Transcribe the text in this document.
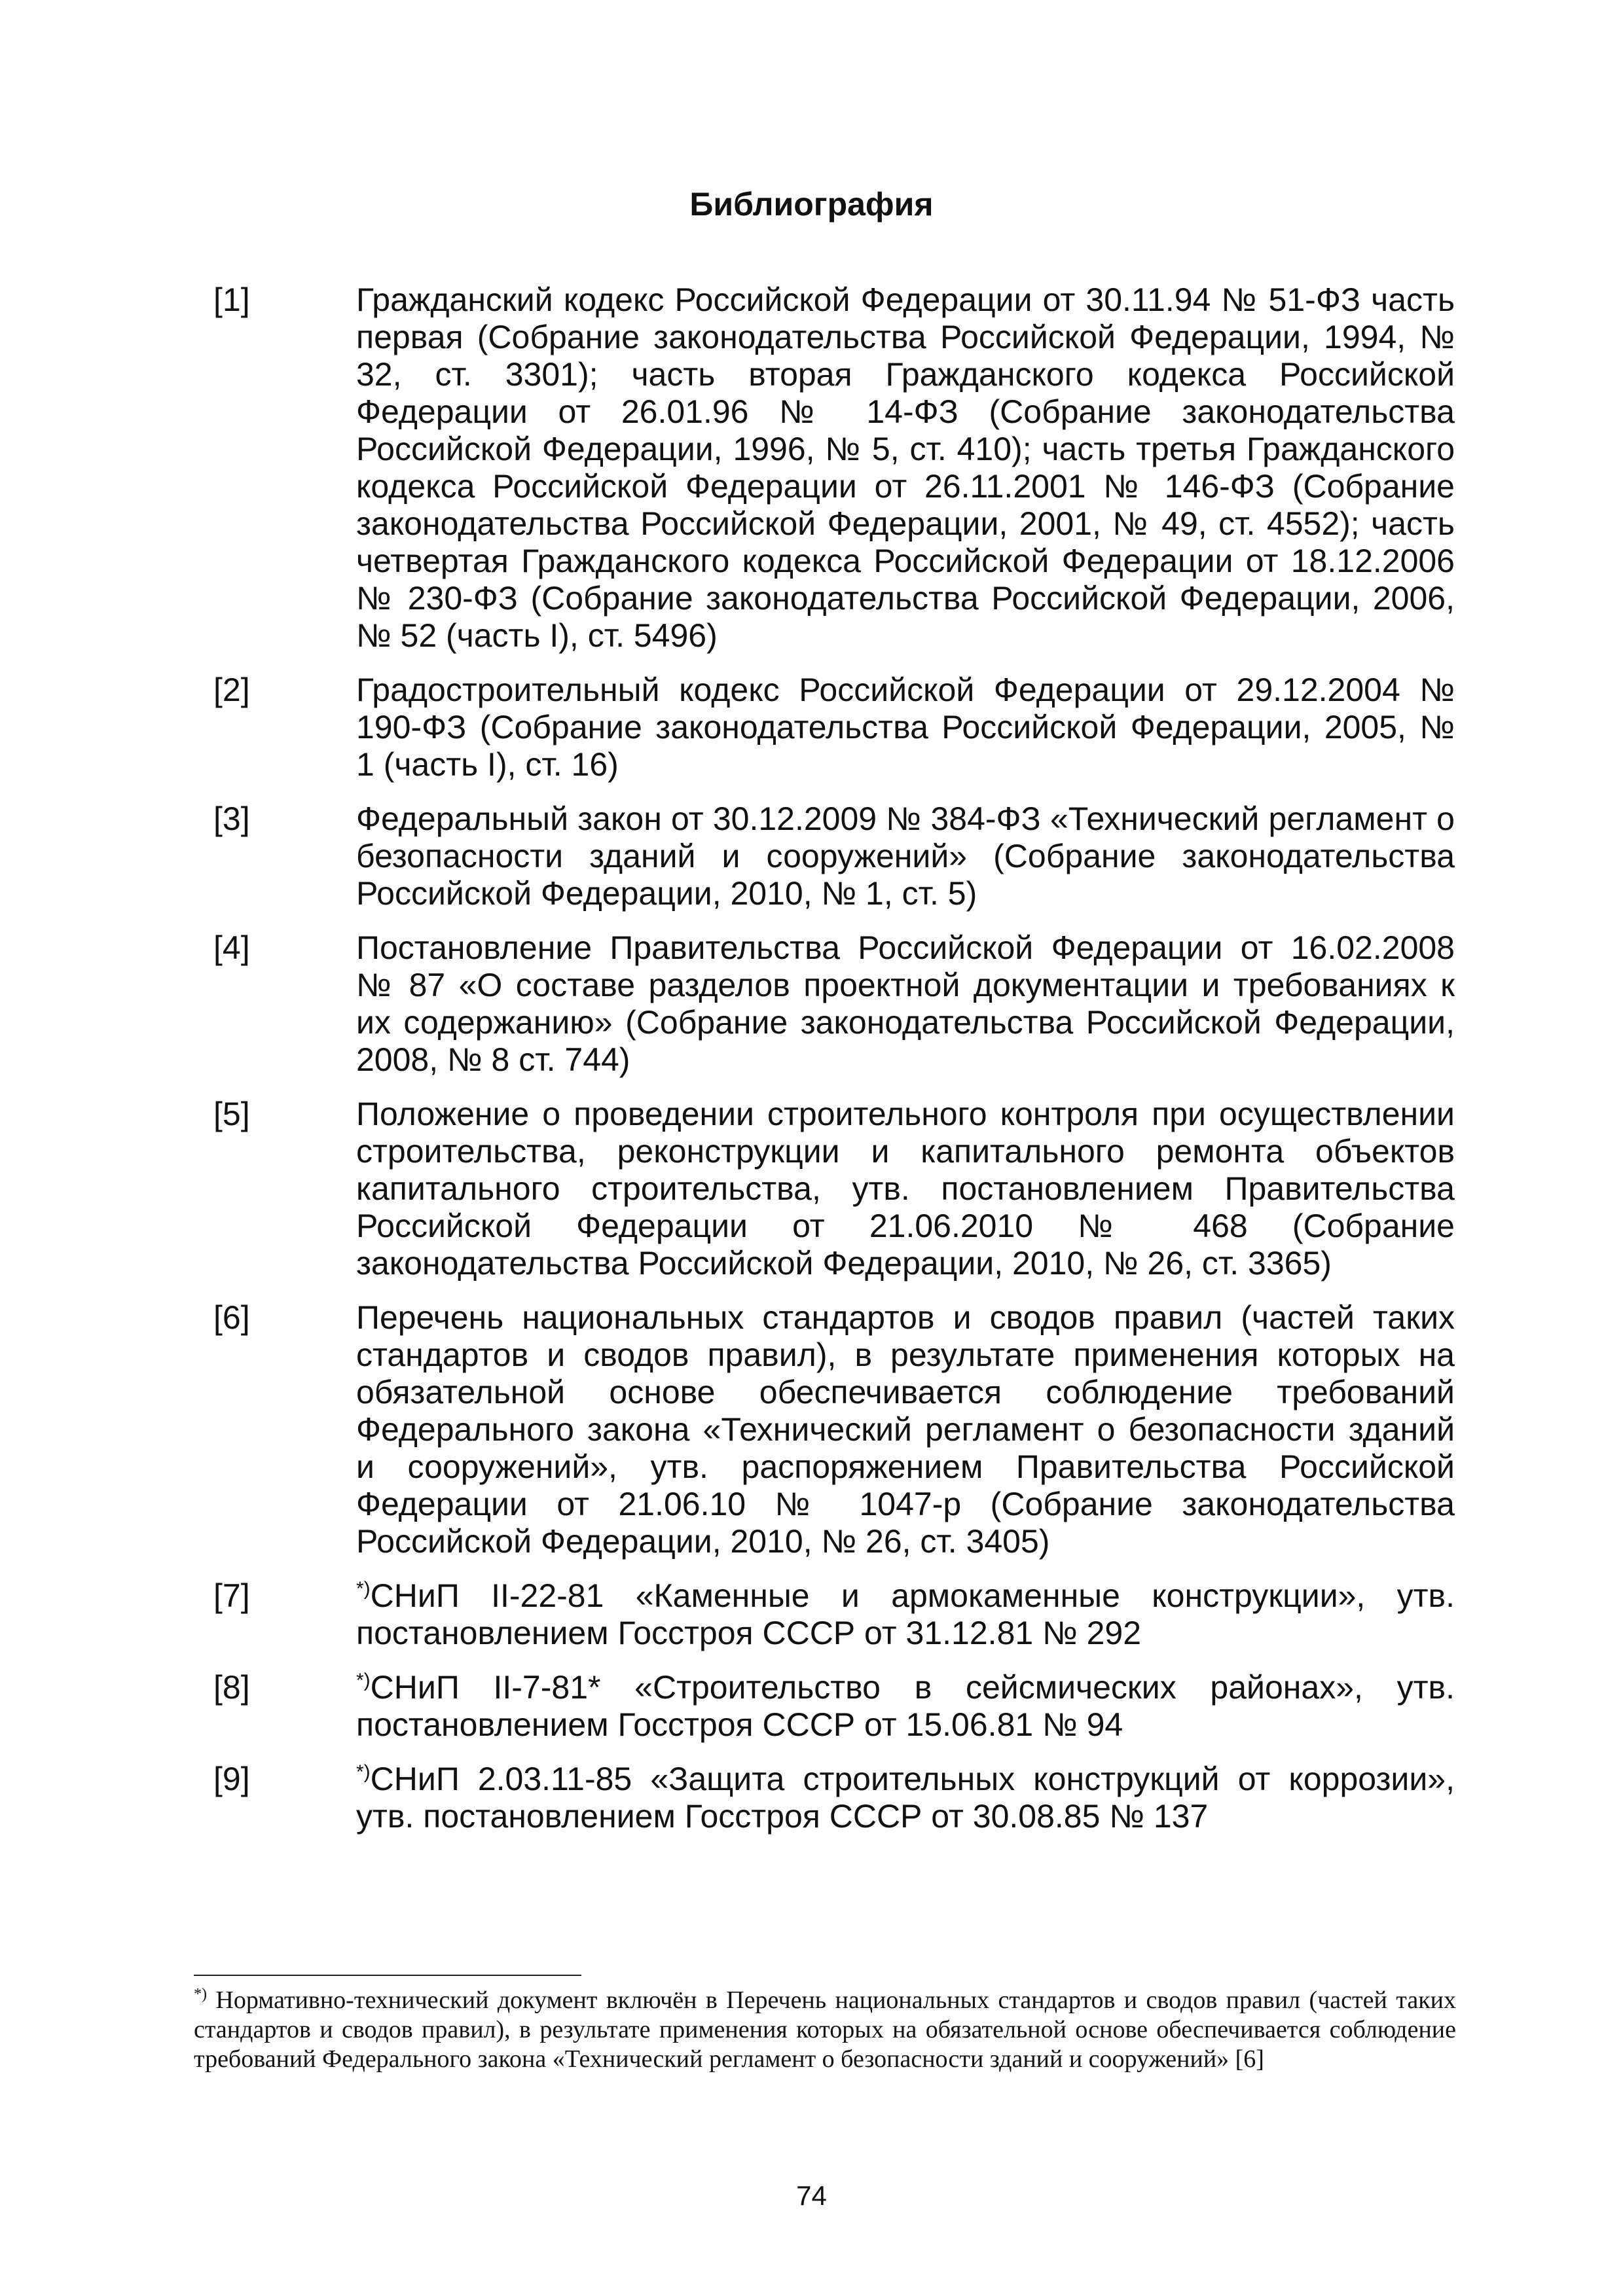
Библиография
[1]	Гражданский кодекс Российской Федерации от 30.11.94 № 51-ФЗ часть первая (Собрание законодательства Российской Федерации, 1994, № 32, ст. 3301); часть вторая Гражданского кодекса Российской Федерации от 26.01.96 № 14-ФЗ (Собрание законодательства Российской Федерации, 1996, № 5, ст. 410); часть третья Гражданского кодекса Российской Федерации от 26.11.2001 № 146-ФЗ (Собрание законодательства Российской Федерации, 2001, № 49, ст. 4552); часть четвертая Гражданского кодекса Российской Федерации от 18.12.2006 № 230-ФЗ (Собрание законодательства Российской Федерации, 2006, № 52 (часть I), ст. 5496)
[2]	Градостроительный кодекс Российской Федерации от 29.12.2004 № 190-ФЗ (Собрание законодательства Российской Федерации, 2005, № 1 (часть I), ст. 16)
[3]	Федеральный закон от 30.12.2009 № 384-ФЗ «Технический регламент о безопасности зданий и сооружений» (Собрание законодательства Российской Федерации, 2010, № 1, ст. 5)
[4]	Постановление Правительства Российской Федерации от 16.02.2008 № 87 «О составе разделов проектной документации и требованиях к их содержанию» (Собрание законодательства Российской Федерации, 2008, № 8 ст. 744)
[5]	Положение о проведении строительного контроля при осуществлении строительства, реконструкции и капитального ремонта объектов капитального строительства, утв. постановлением Правительства Российской Федерации от 21.06.2010 № 468 (Собрание законодательства Российской Федерации, 2010, № 26, ст. 3365)
[6]	Перечень национальных стандартов и сводов правил (частей таких стандартов и сводов правил), в результате применения которых на обязательной основе обеспечивается соблюдение требований Федерального закона «Технический регламент о безопасности зданий и сооружений», утв. распоряжением Правительства Российской Федерации от 21.06.10 № 1047-р (Собрание законодательства Российской Федерации, 2010, № 26, ст. 3405)
[7]	*)СНиП II-22-81 «Каменные и армокаменные конструкции», утв. постановлением Госстроя СССР от 31.12.81 № 292
[8]	*)СНиП II-7-81* «Строительство в сейсмических районах», утв. постановлением Госстроя СССР от 15.06.81 № 94
[9]	*)СНиП 2.03.11-85 «Защита строительных конструкций от коррозии», утв. постановлением Госстроя СССР от 30.08.85 № 137
*) Нормативно-технический документ включён в Перечень национальных стандартов и сводов правил (частей таких стандартов и сводов правил), в результате применения которых на обязательной основе обеспечивается соблюдение требований Федерального закона «Технический регламент о безопасности зданий и сооружений» [6]
74
